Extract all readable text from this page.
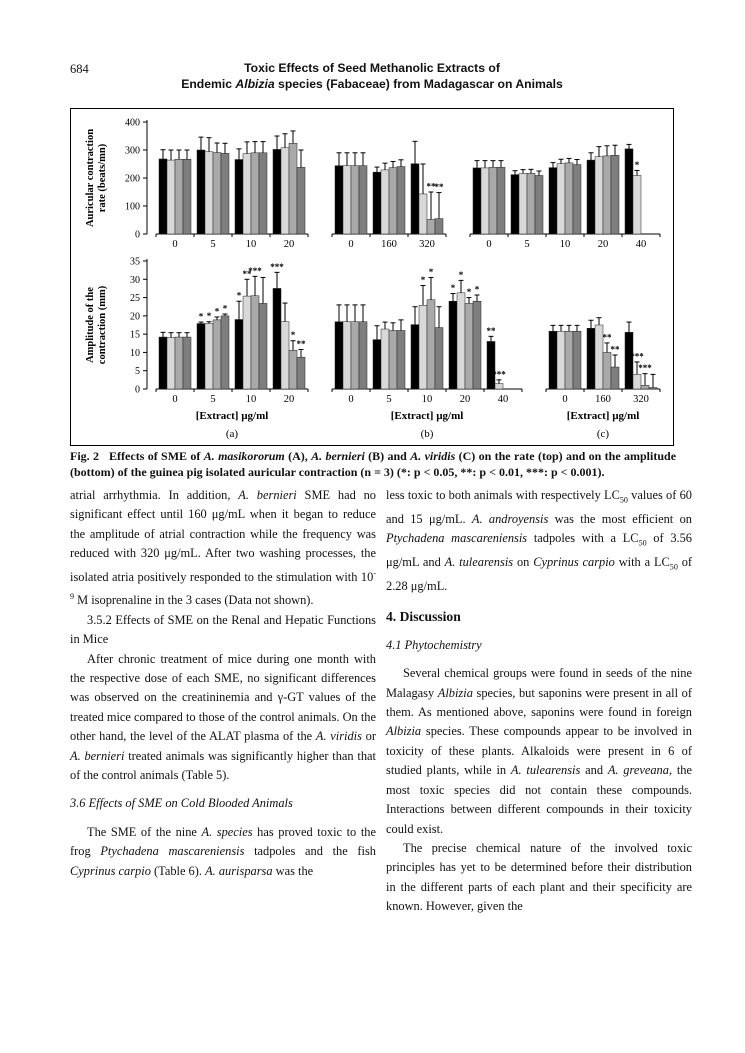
684	Toxic Effects of Seed Methanolic Extracts of
Endemic Albizia species (Fabaceae) from Madagascar on Animals
0
100
200
300
400
Auricular contractionrate (beats/mn)
0	5	10	20	0	160 320
** **
0	5	10	20	40
*
0
5
10
15
20
25
30
35
Amplitude of thecontraction (mm)
0	5
* * * *
10
*
**
***
20
***
*
**
[Extract] µg/ml
(a)
0	5	10
*
*
20
*
*
* *
40
**
***
[Extract] µg/ml
(b)
0	160
**
**
320
***
***
[Extract] µg/ml
(c)
Fig. 2   Effects of SME of A. masikororum (A), A. bernieri (B) and A. viridis (C) on the rate (top) and on the amplitude (bottom) of the guinea pig isolated auricular contraction (n = 3) (*: p < 0.05, **: p < 0.01, ***: p < 0.001).

atrial arrhythmia. In addition, A. bernieri SME had no significant effect until 160 μg/mL when it began to reduce the amplitude of atrial contraction while the frequency was reduced with 320 μg/mL. After two washing processes, the isolated atria positively responded to the stimulation with $10^{-9}$ M isoprenaline in the 3 cases (Data not shown).

3.5.2 Effects of SME on the Renal and Hepatic Functions in Mice

After chronic treatment of mice during one month with the respective dose of each SME, no significant differences was observed on the creatininemia and γ-GT values of the treated mice compared to those of the control animals. On the other hand, the level of the ALAT plasma of the A. viridis or A. bernieri treated animals was significantly higher than that of the control animals (Table 5).

3.6 Effects of SME on Cold Blooded Animals

The SME of the nine A. species has proved toxic to the frog Ptychadena mascareniensis tadpoles and the fish Cyprinus carpio (Table 6). A. aurisparsa was the

less toxic to both animals with respectively $LC_{50}$ values of 60 and 15 μg/mL. A. androyensis was the most efficient on Ptychadena mascareniensis tadpoles with a $LC_{50}$ of 3.56 μg/mL and A. tulearensis on Cyprinus carpio with a $LC_{50}$ of 2.28 μg/mL.

4. Discussion

4.1 Phytochemistry

Several chemical groups were found in seeds of the nine Malagasy Albizia species, but saponins were present in all of them. As mentioned above, saponins were found in foreign Albizia species. These compounds appear to be involved in toxicity of these plants. Alkaloids were present in 6 of studied plants, while in A. tulearensis and A. greveana, the most toxic species did not contain these compounds. Interactions between different compounds in their toxicity could exist.

The precise chemical nature of the involved toxic principles has yet to be determined before their distribution in the different parts of each plant and their specificity are known. However, given the
